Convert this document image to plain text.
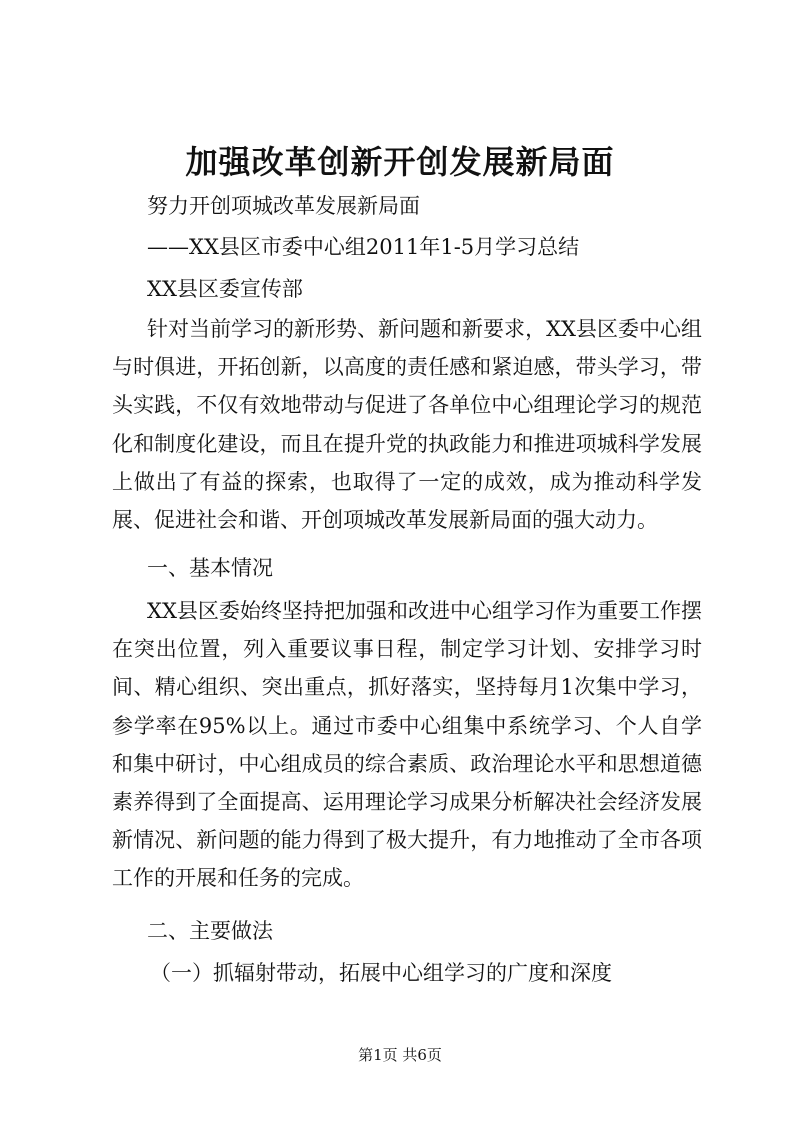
加强改革创新开创发展新局面

努力开创项城改革发展新局面

——XX县区市委中心组2011年1-5月学习总结

XX县区委宣传部

针对当前学习的新形势、新问题和新要求，XX县区委中心组与时俱进，开拓创新，以高度的责任感和紧迫感，带头学习，带头实践，不仅有效地带动与促进了各单位中心组理论学习的规范化和制度化建设，而且在提升党的执政能力和推进项城科学发展上做出了有益的探索，也取得了一定的成效，成为推动科学发展、促进社会和谐、开创项城改革发展新局面的强大动力。

一、基本情况

XX县区委始终坚持把加强和改进中心组学习作为重要工作摆在突出位置，列入重要议事日程，制定学习计划、安排学习时间、精心组织、突出重点，抓好落实，坚持每月1次集中学习，参学率在95%以上。通过市委中心组集中系统学习、个人自学和集中研讨，中心组成员的综合素质、政治理论水平和思想道德素养得到了全面提高、运用理论学习成果分析解决社会经济发展新情况、新问题的能力得到了极大提升，有力地推动了全市各项工作的开展和任务的完成。

二、主要做法

（一）抓辐射带动，拓展中心组学习的广度和深度

第1页 共6页
